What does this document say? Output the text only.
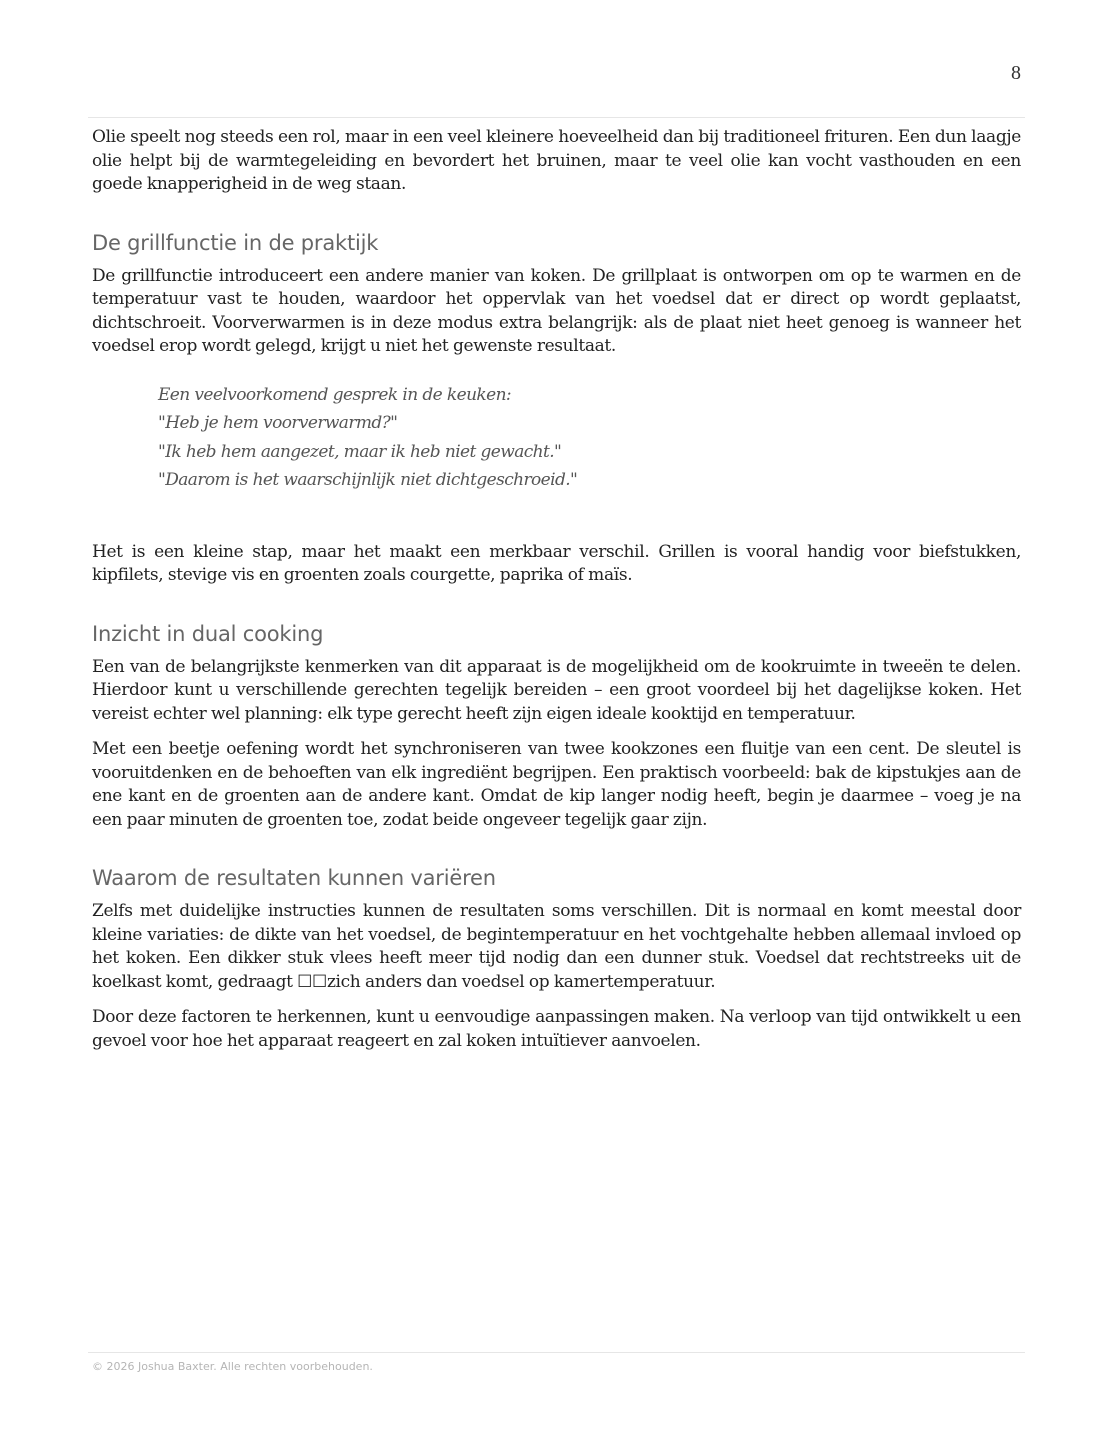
8

Olie speelt nog steeds een rol, maar in een veel kleinere hoeveelheid dan bij traditioneel frituren. Een dun laagje olie helpt bij de warmtegeleiding en bevordert het bruinen, maar te veel olie kan vocht vasthouden en een goede knapperigheid in de weg staan.

De grillfunctie in de praktijk

De grillfunctie introduceert een andere manier van koken. De grillplaat is ontworpen om op te warmen en de temperatuur vast te houden, waardoor het oppervlak van het voedsel dat er direct op wordt geplaatst, dichtschroeit. Voorverwarmen is in deze modus extra belangrijk: als de plaat niet heet genoeg is wanneer het voedsel erop wordt gelegd, krijgt u niet het gewenste resultaat.

Een veelvoorkomend gesprek in de keuken:
"Heb je hem voorverwarmd?"
"Ik heb hem aangezet, maar ik heb niet gewacht."
"Daarom is het waarschijnlijk niet dichtgeschroeid."

Het is een kleine stap, maar het maakt een merkbaar verschil. Grillen is vooral handig voor biefstukken, kipfilets, stevige vis en groenten zoals courgette, paprika of maïs.

Inzicht in dual cooking

Een van de belangrijkste kenmerken van dit apparaat is de mogelijkheid om de kookruimte in tweeën te delen. Hierdoor kunt u verschillende gerechten tegelijk bereiden – een groot voordeel bij het dagelijkse koken. Het vereist echter wel planning: elk type gerecht heeft zijn eigen ideale kooktijd en temperatuur.

Met een beetje oefening wordt het synchroniseren van twee kookzones een fluitje van een cent. De sleutel is vooruitdenken en de behoeften van elk ingrediënt begrijpen. Een praktisch voorbeeld: bak de kipstukjes aan de ene kant en de groenten aan de andere kant. Omdat de kip langer nodig heeft, begin je daarmee – voeg je na een paar minuten de groenten toe, zodat beide ongeveer tegelijk gaar zijn.

Waarom de resultaten kunnen variëren

Zelfs met duidelijke instructies kunnen de resultaten soms verschillen. Dit is normaal en komt meestal door kleine variaties: de dikte van het voedsel, de begintemperatuur en het vochtgehalte hebben allemaal invloed op het koken. Een dikker stuk vlees heeft meer tijd nodig dan een dunner stuk. Voedsel dat rechtstreeks uit de koelkast komt, gedraagt ☐☐zich anders dan voedsel op kamertemperatuur.

Door deze factoren te herkennen, kunt u eenvoudige aanpassingen maken. Na verloop van tijd ontwikkelt u een gevoel voor hoe het apparaat reageert en zal koken intuïtiever aanvoelen.

© 2026 Joshua Baxter. Alle rechten voorbehouden.
